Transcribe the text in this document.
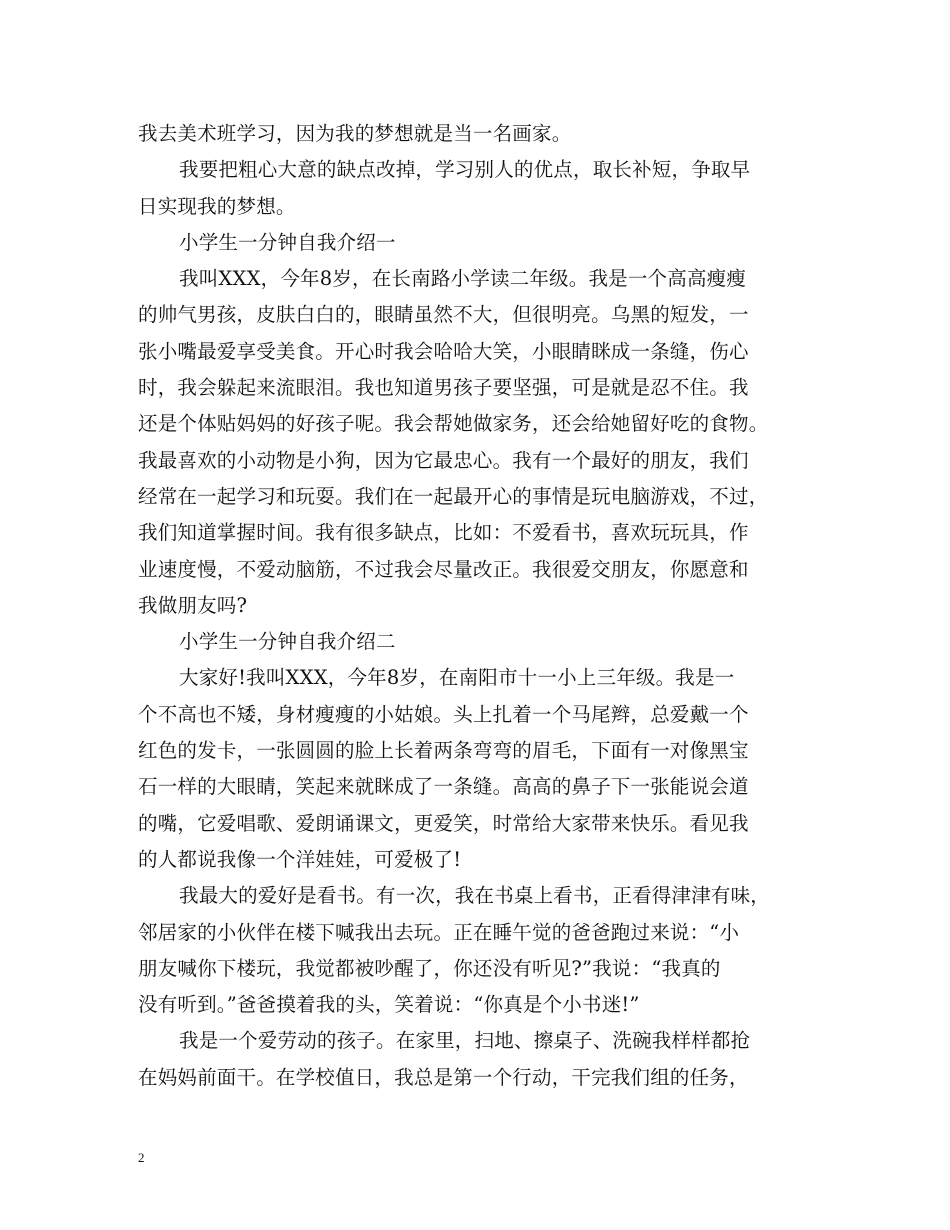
我去美术班学习，因为我的梦想就是当一名画家。
我要把粗心大意的缺点改掉，学习别人的优点，取长补短，争取早
日实现我的梦想。
小学生一分钟自我介绍一
我叫XXX，今年8岁，在长南路小学读二年级。我是一个高高瘦瘦
的帅气男孩，皮肤白白的，眼睛虽然不大，但很明亮。乌黑的短发，一
张小嘴最爱享受美食。开心时我会哈哈大笑，小眼睛眯成一条缝，伤心
时，我会躲起来流眼泪。我也知道男孩子要坚强，可是就是忍不住。我
还是个体贴妈妈的好孩子呢。我会帮她做家务，还会给她留好吃的食物。
我最喜欢的小动物是小狗，因为它最忠心。我有一个最好的朋友，我们
经常在一起学习和玩耍。我们在一起最开心的事情是玩电脑游戏，不过，
我们知道掌握时间。我有很多缺点，比如：不爱看书，喜欢玩玩具，作
业速度慢，不爱动脑筋，不过我会尽量改正。我很爱交朋友，你愿意和
我做朋友吗?
小学生一分钟自我介绍二
大家好!我叫XXX，今年8岁，在南阳市十一小上三年级。我是一
个不高也不矮，身材瘦瘦的小姑娘。头上扎着一个马尾辫，总爱戴一个
红色的发卡，一张圆圆的脸上长着两条弯弯的眉毛，下面有一对像黑宝
石一样的大眼睛，笑起来就眯成了一条缝。高高的鼻子下一张能说会道
的嘴，它爱唱歌、爱朗诵课文，更爱笑，时常给大家带来快乐。看见我
的人都说我像一个洋娃娃，可爱极了!
我最大的爱好是看书。有一次，我在书桌上看书，正看得津津有味，
邻居家的小伙伴在楼下喊我出去玩。正在睡午觉的爸爸跑过来说：“小
朋友喊你下楼玩，我觉都被吵醒了，你还没有听见?”我说：“我真的
没有听到。”爸爸摸着我的头，笑着说：“你真是个小书迷!”
我是一个爱劳动的孩子。在家里，扫地、擦桌子、洗碗我样样都抢
在妈妈前面干。在学校值日，我总是第一个行动，干完我们组的任务，
2
